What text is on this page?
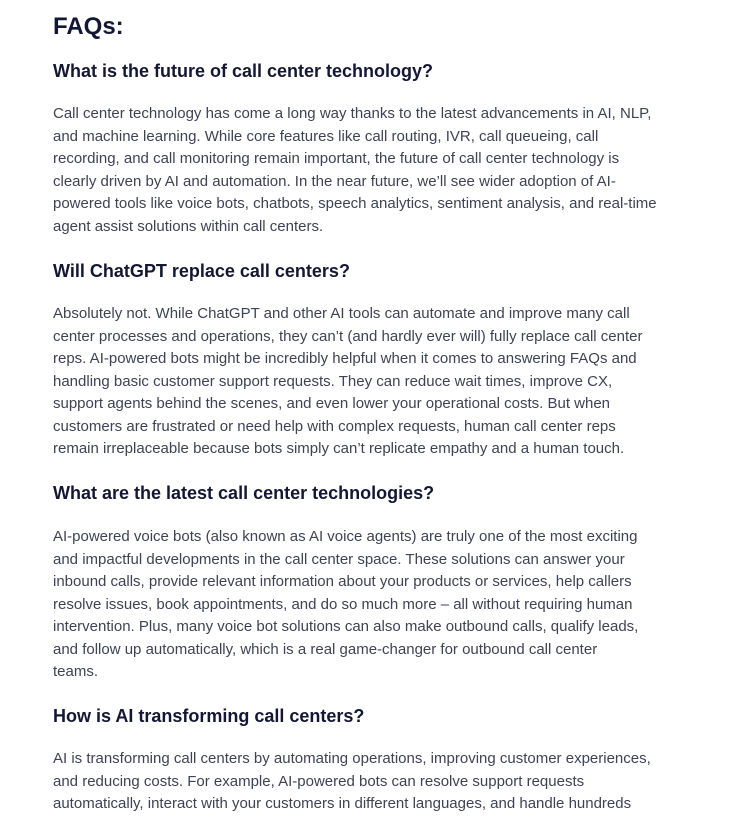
FAQs:
What is the future of call center technology?

Call center technology has come a long way thanks to the latest advancements in AI, NLP,
and machine learning. While core features like call routing, IVR, call queueing, call
recording, and call monitoring remain important, the future of call center technology is
clearly driven by AI and automation. In the near future, we’ll see wider adoption of AI-
powered tools like voice bots, chatbots, speech analytics, sentiment analysis, and real-time
agent assist solutions within call centers.

Will ChatGPT replace call centers?

Absolutely not. While ChatGPT and other AI tools can automate and improve many call
center processes and operations, they can’t (and hardly ever will) fully replace call center
reps. AI-powered bots might be incredibly helpful when it comes to answering FAQs and
handling basic customer support requests. They can reduce wait times, improve CX,
support agents behind the scenes, and even lower your operational costs. But when
customers are frustrated or need help with complex requests, human call center reps
remain irreplaceable because bots simply can’t replicate empathy and a human touch.

What are the latest call center technologies?

AI-powered voice bots (also known as AI voice agents) are truly one of the most exciting
and impactful developments in the call center space. These solutions can answer your
inbound calls, provide relevant information about your products or services, help callers
resolve issues, book appointments, and do so much more – all without requiring human
intervention. Plus, many voice bot solutions can also make outbound calls, qualify leads,
and follow up automatically, which is a real game-changer for outbound call center
teams.

How is AI transforming call centers?

AI is transforming call centers by automating operations, improving customer experiences,
and reducing costs. For example, AI-powered bots can resolve support requests
automatically, interact with your customers in different languages, and handle hundreds
